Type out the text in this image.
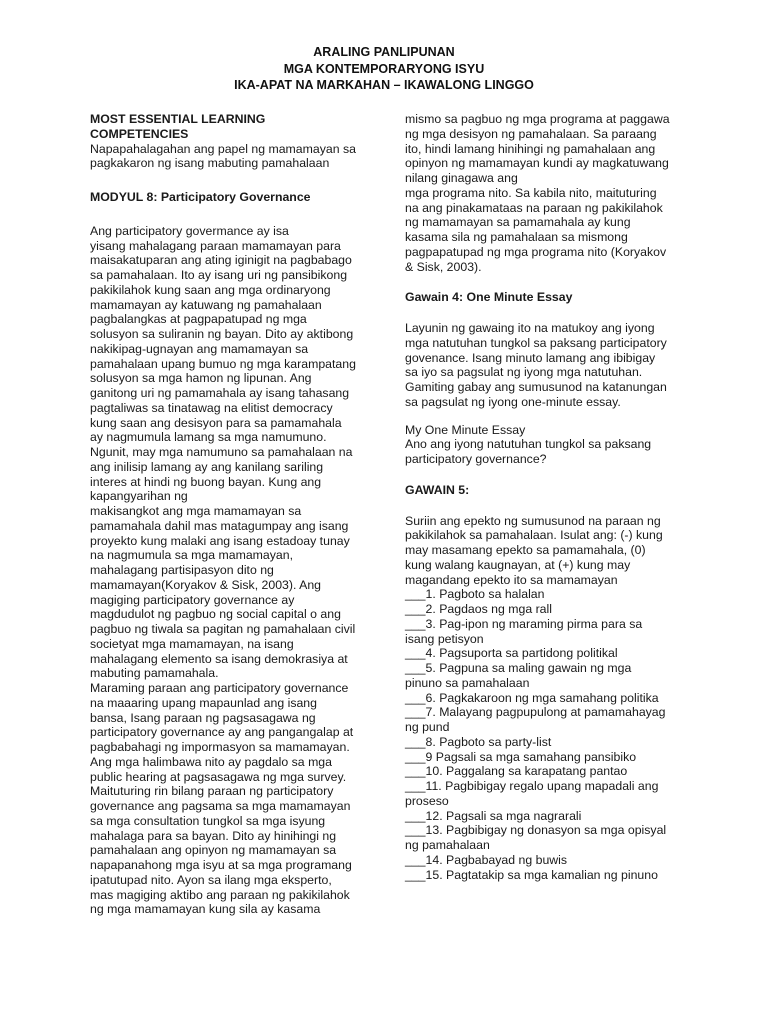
ARALING PANLIPUNAN
MGA KONTEMPORARYONG ISYU
IKA-APAT NA MARKAHAN – IKAWALONG LINGGO
MOST ESSENTIAL LEARNING
COMPETENCIES
Napapahalagahan ang papel ng mamamayan sa
pagkakaron ng isang mabuting pamahalaan
MODYUL 8: Participatory Governance
Ang participatory govermance ay isa
yisang mahalagang paraan mamamayan para
maisakatuparan ang ating iginigit na pagbabago
sa pamahalaan. Ito ay isang uri ng pansibikong
pakikilahok kung saan ang mga ordinaryong
mamamayan ay katuwang ng pamahalaan
pagbalangkas at pagpapatupad ng mga
solusyon sa suliranin ng bayan. Dito ay aktibong
nakikipag-ugnayan ang mamamayan sa
pamahalaan upang bumuo ng mga karampatang
solusyon sa mga hamon ng lipunan. Ang
ganitong uri ng pamamahala ay isang tahasang
pagtaliwas sa tinatawag na elitist democracy
kung saan ang desisyon para sa pamamahala
ay nagmumula lamang sa mga namumuno.
Ngunit, may mga namumuno sa pamahalaan na
ang inilisip lamang ay ang kanilang sariling
interes at hindi ng buong bayan. Kung ang
kapangyarihan ng
makisangkot ang mga mamamayan sa
pamamahala dahil mas matagumpay ang isang
proyekto kung malaki ang isang estadoay tunay
na nagmumula sa mga mamamayan,
mahalagang partisipasyon dito ng
mamamayan(Koryakov & Sisk, 2003). Ang
magiging participatory governance ay
magdudulot ng pagbuo ng social capital o ang
pagbuo ng tiwala sa pagitan ng pamahalaan civil
societyat mga mamamayan, na isang
mahalagang elemento sa isang demokrasiya at
mabuting pamamahala.
Maraming paraan ang participatory governance
na maaaring upang mapaunlad ang isang
bansa, Isang paraan ng pagsasagawa ng
participatory governance ay ang pangangalap at
pagbabahagi ng impormasyon sa mamamayan.
Ang mga halimbawa nito ay pagdalo sa mga
public hearing at pagsasagawa ng mga survey.
Maituturing rin bilang paraan ng participatory
governance ang pagsama sa mga mamamayan
sa mga consultation tungkol sa mga isyung
mahalaga para sa bayan. Dito ay hinihingi ng
pamahalaan ang opinyon ng mamamayan sa
napapanahong mga isyu at sa mga programang
ipatutupad nito. Ayon sa ilang mga eksperto,
mas magiging aktibo ang paraan ng pakikilahok
ng mga mamamayan kung sila ay kasama
mismo sa pagbuo ng mga programa at paggawa
ng mga desisyon ng pamahalaan. Sa paraang
ito, hindi lamang hinihingi ng pamahalaan ang
opinyon ng mamamayan kundi ay magkatuwang
nilang ginagawa ang
mga programa nito. Sa kabila nito, maituturing
na ang pinakamataas na paraan ng pakikilahok
ng mamamayan sa pamamahala ay kung
kasama sila ng pamahalaan sa mismong
pagpapatupad ng mga programa nito (Koryakov
& Sisk, 2003).
Gawain 4: One Minute Essay
Layunin ng gawaing ito na matukoy ang iyong
mga natutuhan tungkol sa paksang participatory
govenance. Isang minuto lamang ang ibibigay
sa iyo sa pagsulat ng iyong mga natutuhan.
Gamiting gabay ang sumusunod na katanungan
sa pagsulat ng iyong one-minute essay.
My One Minute Essay
Ano ang iyong natutuhan tungkol sa paksang
participatory governance?
GAWAIN 5:
Suriin ang epekto ng sumusunod na paraan ng
pakikilahok sa pamahalaan. Isulat ang: (-) kung
may masamang epekto sa pamamahala, (0)
kung walang kaugnayan, at (+) kung may
magandang epekto ito sa mamamayan
___1. Pagboto sa halalan
___2. Pagdaos ng mga rall
___3. Pag-ipon ng maraming pirma para sa
isang petisyon
___4. Pagsuporta sa partidong politikal
___5. Pagpuna sa maling gawain ng mga
pinuno sa pamahalaan
___6. Pagkakaroon ng mga samahang politika
___7. Malayang pagpupulong at pamamahayag
ng pund
___8. Pagboto sa party-list
___9 Pagsali sa mga samahang pansibiko
___10. Paggalang sa karapatang pantao
___11. Pagbibigay regalo upang mapadali ang
proseso
___12. Pagsali sa mga nagrarali
___13. Pagbibigay ng donasyon sa mga opisyal
ng pamahalaan
___14. Pagbabayad ng buwis
___15. Pagtatakip sa mga kamalian ng pinuno
